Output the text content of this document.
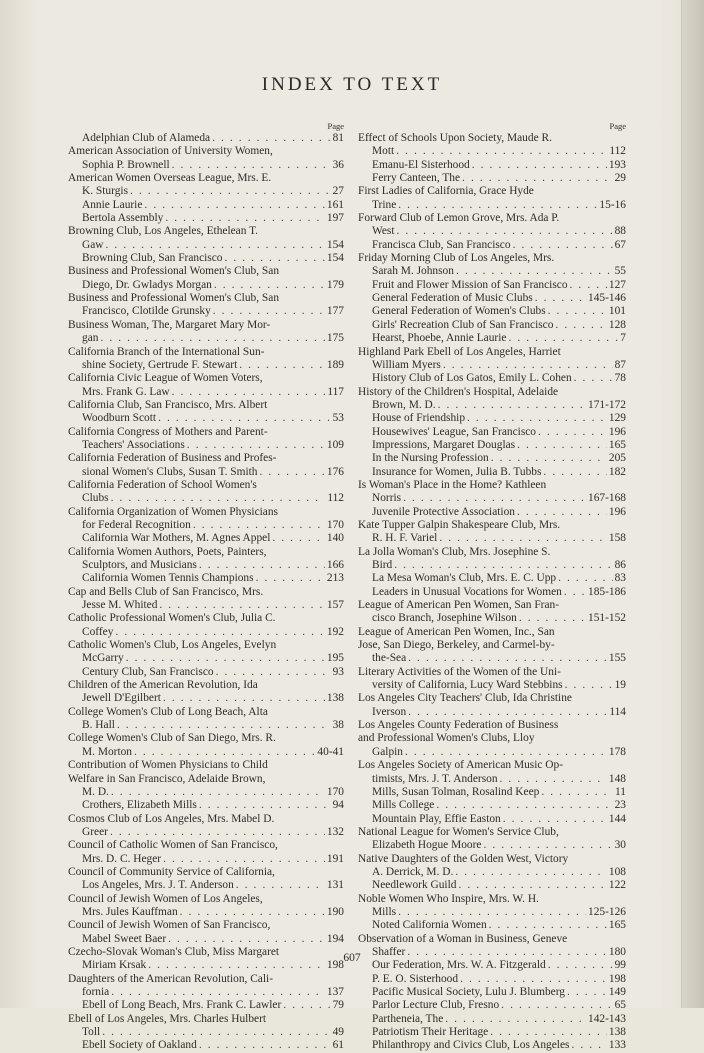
INDEX TO TEXT
Page
Adelphian Club of Alameda . . .	81
American Association of University Women,
Sophia P. Brownell . . .	36
American Women Overseas League, Mrs. E.
K. Sturgis . . .	27
Annie Laurie . . .	161
Bertola Assembly . . .	197
Browning Club, Los Angeles, Ethelean T.
Gaw . . .	154
Browning Club, San Francisco . . .	154
Business and Professional Women's Club, San
Diego, Dr. Gwladys Morgan . . .	179
Business and Professional Women's Club, San
Francisco, Clotilde Grunsky . . .	177
Business Woman, The, Margaret Mary Mor-
gan . . .	175
California Branch of the International Sun-
shine Society, Gertrude F. Stewart . . .	189
California Civic League of Women Voters,
Mrs. Frank G. Law . . .	117
California Club, San Francisco, Mrs. Albert
Woodburn Scott . . .	53
California Congress of Mothers and Parent-
Teachers' Associations . . .	109
California Federation of Business and Profes-
sional Women's Clubs, Susan T. Smith . . .	176
California Federation of School Women's
Clubs . . .	112
California Organization of Women Physicians
for Federal Recognition . . .	170
California War Mothers, M. Agnes Appel . . .	140
California Women Authors, Poets, Painters,
Sculptors, and Musicians . . .	166
California Women Tennis Champions . . .	213
Cap and Bells Club of San Francisco, Mrs.
Jesse M. Whited . . .	157
Catholic Professional Women's Club, Julia C.
Coffey . . .	192
Catholic Women's Club, Los Angeles, Evelyn
McGarry . . .	195
Century Club, San Francisco . . .	93
Children of the American Revolution, Ida
Jewell D'Egilbert . . .	138
College Women's Club of Long Beach, Alta
B. Hall . . .	38
College Women's Club of San Diego, Mrs. R.
M. Morton . . .	40-41
Contribution of Women Physicians to Child
Welfare in San Francisco, Adelaide Brown,
M. D. . . .	170
Crothers, Elizabeth Mills . . .	94
Cosmos Club of Los Angeles, Mrs. Mabel D.
Greer . . .	132
Council of Catholic Women of San Francisco,
Mrs. D. C. Heger . . .	191
Council of Community Service of California,
Los Angeles, Mrs. J. T. Anderson . . .	131
Council of Jewish Women of Los Angeles,
Mrs. Jules Kauffman . . .	190
Council of Jewish Women of San Francisco,
Mabel Sweet Baer . . .	194
Czecho-Slovak Woman's Club, Miss Margaret
Miriam Krsak . . .	198
Daughters of the American Revolution, Cali-
fornia . . .	137
Ebell of Long Beach, Mrs. Frank C. Lawler . . .	79
Ebell of Los Angeles, Mrs. Charles Hulbert
Toll . . .	49
Ebell Society of Oakland . . .	61
Page
Effect of Schools Upon Society, Maude R.
Mott . . .	112
Emanu-El Sisterhood . . .	193
Ferry Canteen, The . . .	29
First Ladies of California, Grace Hyde
Trine . . .	15-16
Forward Club of Lemon Grove, Mrs. Ada P.
West . . .	88
Francisca Club, San Francisco . . .	67
Friday Morning Club of Los Angeles, Mrs.
Sarah M. Johnson . . .	55
Fruit and Flower Mission of San Francisco . . .	127
General Federation of Music Clubs . . .	145-146
General Federation of Women's Clubs . . .	101
Girls' Recreation Club of San Francisco . . .	128
Hearst, Phoebe, Annie Laurie . . .	7
Highland Park Ebell of Los Angeles, Harriet
William Myers . . .	87
History Club of Los Gatos, Emily L. Cohen . . .	78
History of the Children's Hospital, Adelaide
Brown, M. D. . . .	171-172
House of Friendship . . .	129
Housewives' League, San Francisco . . .	196
Impressions, Margaret Douglas . . .	165
In the Nursing Profession . . .	205
Insurance for Women, Julia B. Tubbs . . .	182
Is Woman's Place in the Home? Kathleen
Norris . . .	167-168
Juvenile Protective Association . . .	196
Kate Tupper Galpin Shakespeare Club, Mrs.
R. H. F. Variel . . .	158
La Jolla Woman's Club, Mrs. Josephine S.
Bird . . .	86
La Mesa Woman's Club, Mrs. E. C. Upp . . .	83
Leaders in Unusual Vocations for Women . . . 185-186
League of American Pen Women, San Fran-
cisco Branch, Josephine Wilson . . .	151-152
League of American Pen Women, Inc., San
Jose, San Diego, Berkeley, and Carmel-by-
the-Sea . . .	155
Literary Activities of the Women of the Uni-
versity of California, Lucy Ward Stebbins . . .	19
Los Angeles City Teachers' Club, Ida Christine
Iverson . . .	114
Los Angeles County Federation of Business
and Professional Women's Clubs, Lloy
Galpin . . .	178
Los Angeles Society of American Music Op-
timists, Mrs. J. T. Anderson . . .	148
Mills, Susan Tolman, Rosalind Keep . . .	11
Mills College . . .	23
Mountain Play, Effie Easton . . .	144
National League for Women's Service Club,
Elizabeth Hogue Moore . . .	30
Native Daughters of the Golden West, Victory
A. Derrick, M. D. . . .	108
Needlework Guild . . .	122
Noble Women Who Inspire, Mrs. W. H.
Mills . . .	125-126
Noted California Women . . .	165
Observation of a Woman in Business, Geneve
Shaffer . . .	180
Our Federation, Mrs. W. A. Fitzgerald . . .	99
P. E. O. Sisterhood . . .	198
Pacific Musical Society, Lulu J. Blumberg . . .	149
Parlor Lecture Club, Fresno . . .	65
Partheneia, The . . .	142-143
Patriotism Their Heritage . . .	138
Philanthropy and Civics Club, Los Angeles . . .	133
607
